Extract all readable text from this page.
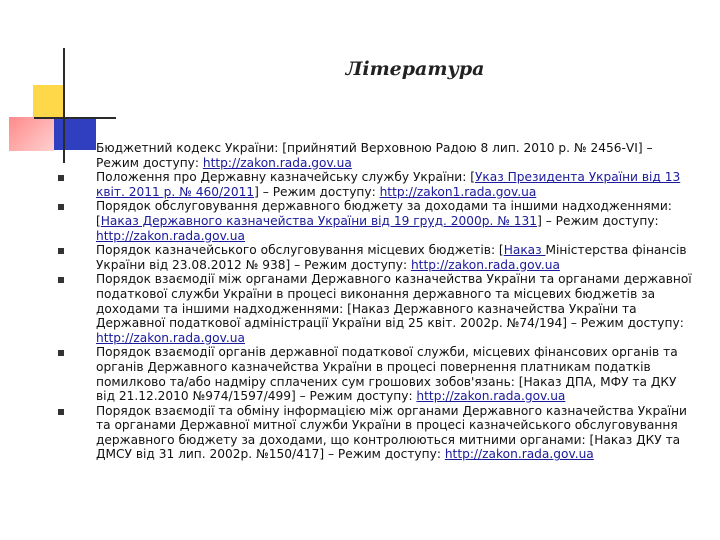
Література
Бюджетний кодекс України: [прийнятий Верховною Радою 8 лип. 2010 р. № 2456-VI] – Режим доступу: http://zakon.rada.gov.ua
Положення про Державну казначейську службу України: [Указ Президента України від 13 квіт. 2011 р. № 460/2011] – Режим доступу: http://zakon1.rada.gov.ua
Порядок обслуговування державного бюджету за доходами та іншими надходженнями: [Наказ Державного казначейства України від 19 груд. 2000р. № 131] – Режим доступу: http://zakon.rada.gov.ua
Порядок казначейського обслуговування місцевих бюджетів: [Наказ Міністерства фінансів України від 23.08.2012 № 938] – Режим доступу: http://zakon.rada.gov.ua
Порядок взаємодії між органами Державного казначейства України та органами державної податкової служби України в процесі виконання державного та місцевих бюджетів за доходами та іншими надходженнями: [Наказ Державного казначейства України та Державної податкової адміністрації України від 25 квіт. 2002р. №74/194] – Режим доступу: http://zakon.rada.gov.ua
Порядок взаємодії органів державної податкової служби, місцевих фінансових органів та органів Державного казначейства України в процесі повернення платникам податків помилково та/або надміру сплачених сум грошових зобов'язань: [Наказ ДПА, МФУ та ДКУ від 21.12.2010 №974/1597/499] – Режим доступу: http://zakon.rada.gov.ua
Порядок взаємодії та обміну інформацією між органами Державного казначейства України та органами Державної митної служби України в процесі казначейського обслуговування державного бюджету за доходами, що контролюються митними органами: [Наказ ДКУ та ДМСУ від 31 лип. 2002р. №150/417] – Режим доступу: http://zakon.rada.gov.ua
